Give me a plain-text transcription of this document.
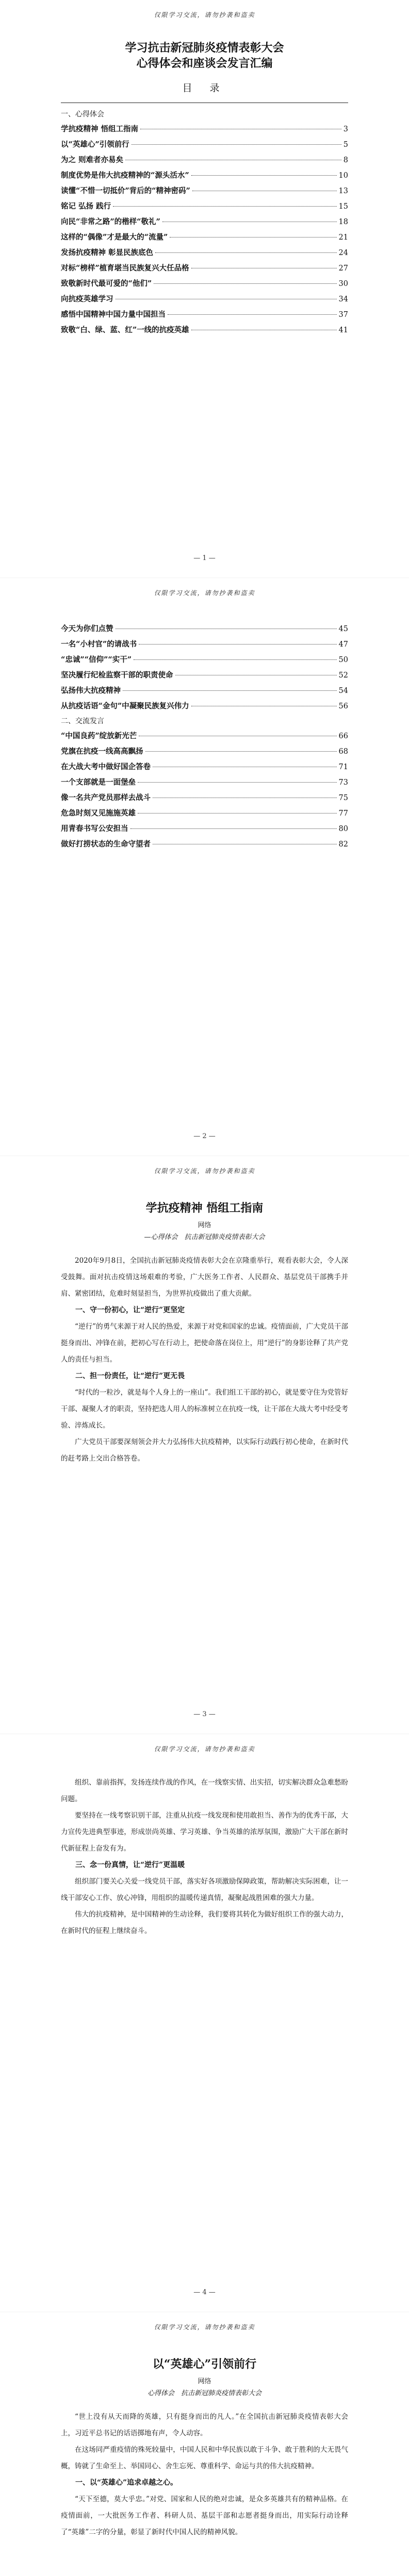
仅限学习交流，请勿抄袭和盗卖
学习抗击新冠肺炎疫情表彰大会
心得体会和座谈会发言汇编
目 录
一、心得体会
学抗疫精神 悟组工指南	3
以“英雄心”引领前行	5
为之 则难者亦易矣	8
制度优势是伟大抗疫精神的“源头活水”	10
读懂“不惜一切抵价”背后的“精神密码”	13
铭记 弘扬 践行	15
向民“非常之路”的楷样“敬礼”	18
这样的“偶像”才是最大的“流量”	21
发扬抗疫精神 彰显民族底色	24
对标“榜样”植育堪当民族复兴大任品格	27
致敬新时代最可爱的“他们”	30
向抗疫英雄学习	34
感悟中国精神中国力量中国担当	37
致敬“白、绿、蓝、红”一线的抗疫英雄	41
— 1 —
仅限学习交流，请勿抄袭和盗卖
今天为你们点赞	45
一名“小村官”的请战书	47
“忠诚”“信仰”“实干”	50
坚决履行纪检监察干部的职责使命	52
弘扬伟大抗疫精神	54
从抗疫话语“金句”中凝聚民族复兴伟力	56
二、交流发言
“中国良药”绽放新光芒	66
党旗在抗疫一线高高飘扬	68
在大战大考中做好国企答卷	71
一个支部就是一面堡垒	73
像一名共产党员那样去战斗	75
危急时刻又见施施英雄	77
用青春书写公安担当	80
做好打捞状态的生命守望者	82
— 2 —
仅限学习交流，请勿抄袭和盗卖
学抗疫精神 悟组工指南
网络
—心得体会　抗击新冠肺炎疫情表彰大会

2020年9月8日，全国抗击新冠肺炎疫情表彰大会在京隆重举行，观看表彰大会，令人深受鼓舞。面对抗击疫情这场艰难的考验，广大医务工作者、人民群众、基层党员干部携手并肩、紧密团结，危难时刻显担当，为世界抗疫做出了重大贡献。

一、守一份初心，让“逆行”更坚定

“逆行”的勇气来源于对人民的热爱，来源于对党和国家的忠诚。疫情面前，广大党员干部挺身而出、冲锋在前，把初心写在行动上，把使命落在岗位上，用“逆行”的身影诠释了共产党人的责任与担当。

二、担一份责任，让“逆行”更无畏

“时代的一粒沙，就是每个人身上的一座山”。我们组工干部的初心，就是要守住为党管好干部、凝聚人才的职责，坚持把选人用人的标准树立在抗疫一线，让干部在大战大考中经受考验、淬炼成长。

广大党员干部要深刻领会并大力弘扬伟大抗疫精神，以实际行动践行初心使命，在新时代的赶考路上交出合格答卷。

— 3 —
仅限学习交流，请勿抄袭和盗卖

组织、靠前指挥，发扬连续作战的作风，在一线察实情、出实招，切实解决群众急难愁盼问题。

要坚持在一线考察识别干部，注重从抗疫一线发现和使用敢担当、善作为的优秀干部，大力宣传先进典型事迹，形成崇尚英雄、学习英雄、争当英雄的浓厚氛围，激励广大干部在新时代新征程上奋发有为。

三、念一份真情，让“逆行”更温暖

组织部门要关心关爱一线党员干部，落实好各项激励保障政策，帮助解决实际困难，让一线干部安心工作、放心冲锋，用组织的温暖传递真情，凝聚起战胜困难的强大力量。

伟大的抗疫精神，是中国精神的生动诠释，我们要将其转化为做好组织工作的强大动力，在新时代的征程上继续奋斗。

— 4 —
仅限学习交流，请勿抄袭和盗卖
以“英雄心”引领前行
网络
心得体会　抗击新冠肺炎疫情表彰大会

“世上没有从天而降的英雄，只有挺身而出的凡人。”在全国抗击新冠肺炎疫情表彰大会上，习近平总书记的话语掷地有声，令人动容。

在这场同严重疫情的殊死较量中，中国人民和中华民族以敢于斗争、敢于胜利的大无畏气概，铸就了生命至上、举国同心、舍生忘死、尊重科学、命运与共的伟大抗疫精神。

一、以“英雄心”追求卓越之心。

“天下至德，莫大乎忠。”对党、国家和人民的绝对忠诚，是众多英雄共有的精神品格。在疫情面前，一大批医务工作者、科研人员、基层干部和志愿者挺身而出，用实际行动诠释了“英雄”二字的分量，彰显了新时代中国人民的精神风貌。
